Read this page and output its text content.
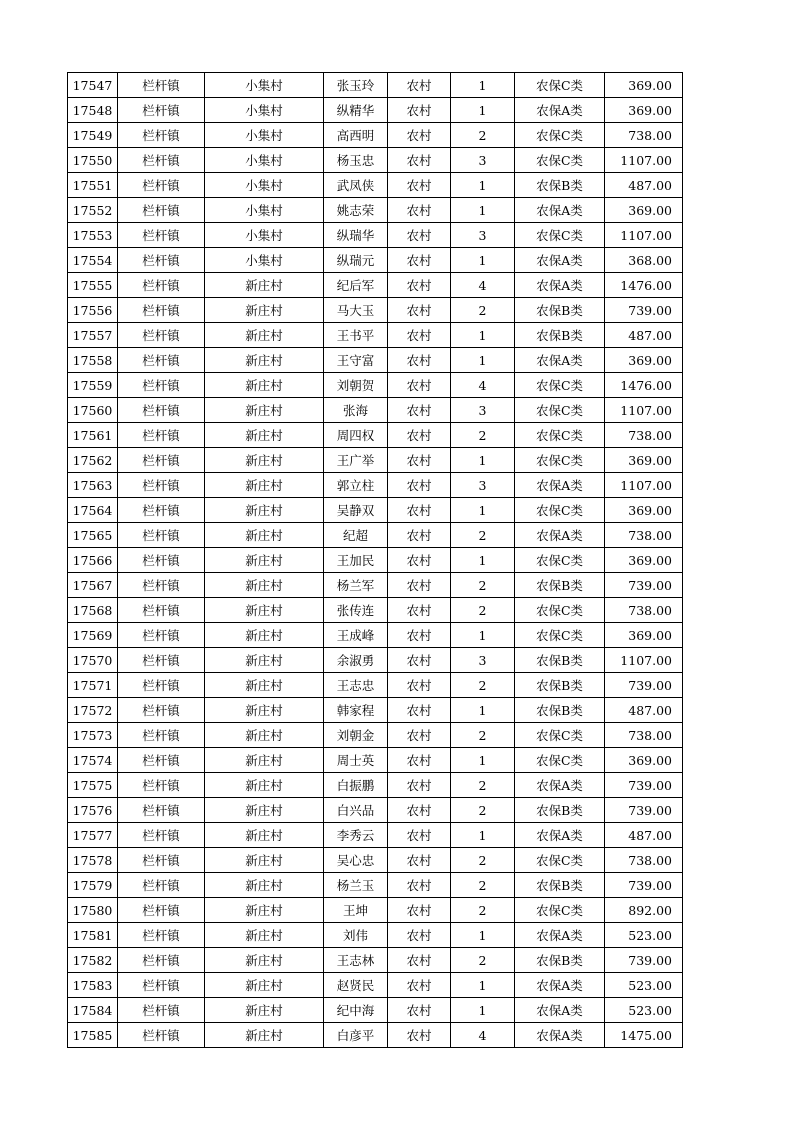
17547	栏杆镇	小集村	张玉玲	农村	1	农保C类	369.00
17548	栏杆镇	小集村	纵精华	农村	1	农保A类	369.00
17549	栏杆镇	小集村	高西明	农村	2	农保C类	738.00
17550	栏杆镇	小集村	杨玉忠	农村	3	农保C类	1107.00
17551	栏杆镇	小集村	武凤侠	农村	1	农保B类	487.00
17552	栏杆镇	小集村	姚志荣	农村	1	农保A类	369.00
17553	栏杆镇	小集村	纵瑞华	农村	3	农保C类	1107.00
17554	栏杆镇	小集村	纵瑞元	农村	1	农保A类	368.00
17555	栏杆镇	新庄村	纪后军	农村	4	农保A类	1476.00
17556	栏杆镇	新庄村	马大玉	农村	2	农保B类	739.00
17557	栏杆镇	新庄村	王书平	农村	1	农保B类	487.00
17558	栏杆镇	新庄村	王守富	农村	1	农保A类	369.00
17559	栏杆镇	新庄村	刘朝贺	农村	4	农保C类	1476.00
17560	栏杆镇	新庄村	张海	农村	3	农保C类	1107.00
17561	栏杆镇	新庄村	周四权	农村	2	农保C类	738.00
17562	栏杆镇	新庄村	王广举	农村	1	农保C类	369.00
17563	栏杆镇	新庄村	郭立柱	农村	3	农保A类	1107.00
17564	栏杆镇	新庄村	吴静双	农村	1	农保C类	369.00
17565	栏杆镇	新庄村	纪超	农村	2	农保A类	738.00
17566	栏杆镇	新庄村	王加民	农村	1	农保C类	369.00
17567	栏杆镇	新庄村	杨兰军	农村	2	农保B类	739.00
17568	栏杆镇	新庄村	张传连	农村	2	农保C类	738.00
17569	栏杆镇	新庄村	王成峰	农村	1	农保C类	369.00
17570	栏杆镇	新庄村	余淑勇	农村	3	农保B类	1107.00
17571	栏杆镇	新庄村	王志忠	农村	2	农保B类	739.00
17572	栏杆镇	新庄村	韩家程	农村	1	农保B类	487.00
17573	栏杆镇	新庄村	刘朝金	农村	2	农保C类	738.00
17574	栏杆镇	新庄村	周士英	农村	1	农保C类	369.00
17575	栏杆镇	新庄村	白振鹏	农村	2	农保A类	739.00
17576	栏杆镇	新庄村	白兴品	农村	2	农保B类	739.00
17577	栏杆镇	新庄村	李秀云	农村	1	农保A类	487.00
17578	栏杆镇	新庄村	吴心忠	农村	2	农保C类	738.00
17579	栏杆镇	新庄村	杨兰玉	农村	2	农保B类	739.00
17580	栏杆镇	新庄村	王坤	农村	2	农保C类	892.00
17581	栏杆镇	新庄村	刘伟	农村	1	农保A类	523.00
17582	栏杆镇	新庄村	王志林	农村	2	农保B类	739.00
17583	栏杆镇	新庄村	赵贤民	农村	1	农保A类	523.00
17584	栏杆镇	新庄村	纪中海	农村	1	农保A类	523.00
17585	栏杆镇	新庄村	白彦平	农村	4	农保A类	1475.00
